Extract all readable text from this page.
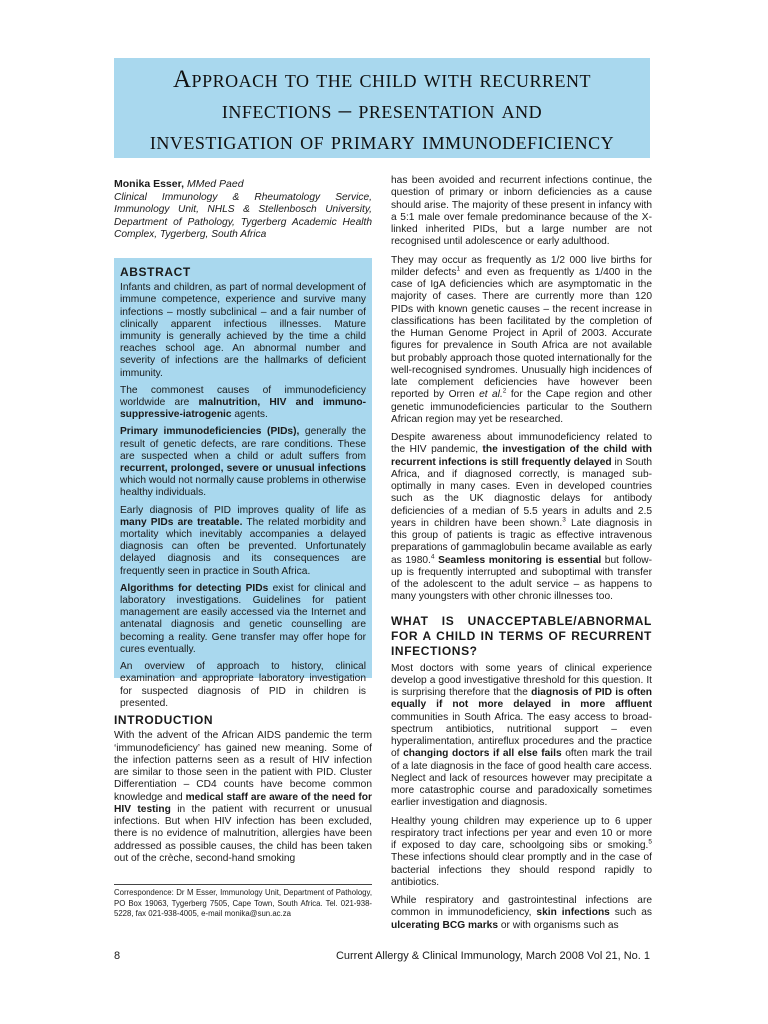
Approach to the child with recurrent
infections – presentation and
investigation of primary immunodeficiency
Monika Esser, MMed Paed
Clinical Immunology & Rheumatology Service, Immunology Unit, NHLS & Stellenbosch University, Department of Pathology, Tygerberg Academic Health Complex, Tygerberg, South Africa
ABSTRACT

Infants and children, as part of normal development of immune competence, experience and survive many infections – mostly subclinical – and a fair number of clinically apparent infectious illnesses. Mature immunity is generally achieved by the time a child reaches school age. An abnormal number and severity of infections are the hallmarks of deficient immunity.

The commonest causes of immunodeficiency worldwide are malnutrition, HIV and immuno-suppressive-iatrogenic agents.

Primary immunodeficiencies (PIDs), generally the result of genetic defects, are rare conditions. These are suspected when a child or adult suffers from recurrent, prolonged, severe or unusual infections which would not normally cause problems in otherwise healthy individuals.

Early diagnosis of PID improves quality of life as many PIDs are treatable. The related morbidity and mortality which inevitably accompanies a delayed diagnosis can often be prevented. Unfortunately delayed diagnosis and its consequences are frequently seen in practice in South Africa.

Algorithms for detecting PIDs exist for clinical and laboratory investigations. Guidelines for patient management are easily accessed via the Internet and antenatal diagnosis and genetic counselling are becoming a reality. Gene transfer may offer hope for cures eventually.

An overview of approach to history, clinical examination and appropriate laboratory investigation for suspected diagnosis of PID in children is presented.

INTRODUCTION

With the advent of the African AIDS pandemic the term ‘immunodeficiency’ has gained new meaning. Some of the infection patterns seen as a result of HIV infection are similar to those seen in the patient with PID. Cluster Differentiation – CD4 counts have become common knowledge and medical staff are aware of the need for HIV testing in the patient with recurrent or unusual infections. But when HIV infection has been excluded, there is no evidence of malnutrition, allergies have been addressed as possible causes, the child has been taken out of the crèche, second-hand smoking

Correspondence: Dr M Esser, Immunology Unit, Department of Pathology, PO Box 19063, Tygerberg 7505, Cape Town, South Africa. Tel. 021-938-5228, fax 021-938-4005, e-mail monika@sun.ac.za

has been avoided and recurrent infections continue, the question of primary or inborn deficiencies as a cause should arise. The majority of these present in infancy with a 5:1 male over female predominance because of the X-linked inherited PIDs, but a large number are not recognised until adolescence or early adulthood.

They may occur as frequently as 1/2 000 live births for milder defects$^1$ and even as frequently as 1/400 in the case of IgA deficiencies which are asymptomatic in the majority of cases. There are currently more than 120 PIDs with known genetic causes – the recent increase in classifications has been facilitated by the completion of the Human Genome Project in April of 2003. Accurate figures for prevalence in South Africa are not available but probably approach those quoted internationally for the well-recognised syndromes. Unusually high incidences of late complement deficiencies have however been reported by Orren et al.$^2$ for the Cape region and other genetic immunodeficiencies particular to the Southern African region may yet be researched.

Despite awareness about immunodeficiency related to the HIV pandemic, the investigation of the child with recurrent infections is still frequently delayed in South Africa, and if diagnosed correctly, is managed sub-optimally in many cases. Even in developed countries such as the UK diagnostic delays for antibody deficiencies of a median of 5.5 years in adults and 2.5 years in children have been shown.$^3$ Late diagnosis in this group of patients is tragic as effective intravenous preparations of gammaglobulin became available as early as 1980.$^4$ Seamless monitoring is essential but follow-up is frequently interrupted and suboptimal with transfer of the adolescent to the adult service – as happens to many youngsters with other chronic illnesses too.

WHAT IS UNACCEPTABLE/ABNORMAL FOR A CHILD IN TERMS OF RECURRENT INFECTIONS?

Most doctors with some years of clinical experience develop a good investigative threshold for this question. It is surprising therefore that the diagnosis of PID is often equally if not more delayed in more affluent communities in South Africa. The easy access to broad-spectrum antibiotics, nutritional support – even hyperalimentation, antireflux procedures and the practice of changing doctors if all else fails often mark the trail of a late diagnosis in the face of good health care access. Neglect and lack of resources however may precipitate a more catastrophic course and paradoxically sometimes earlier investigation and diagnosis.

Healthy young children may experience up to 6 upper respiratory tract infections per year and even 10 or more if exposed to day care, schoolgoing sibs or smoking.$^5$ These infections should clear promptly and in the case of bacterial infections they should respond rapidly to antibiotics.

While respiratory and gastrointestinal infections are common in immunodeficiency, skin infections such as ulcerating BCG marks or with organisms such as

8	Current Allergy & Clinical Immunology, March 2008 Vol 21, No. 1
